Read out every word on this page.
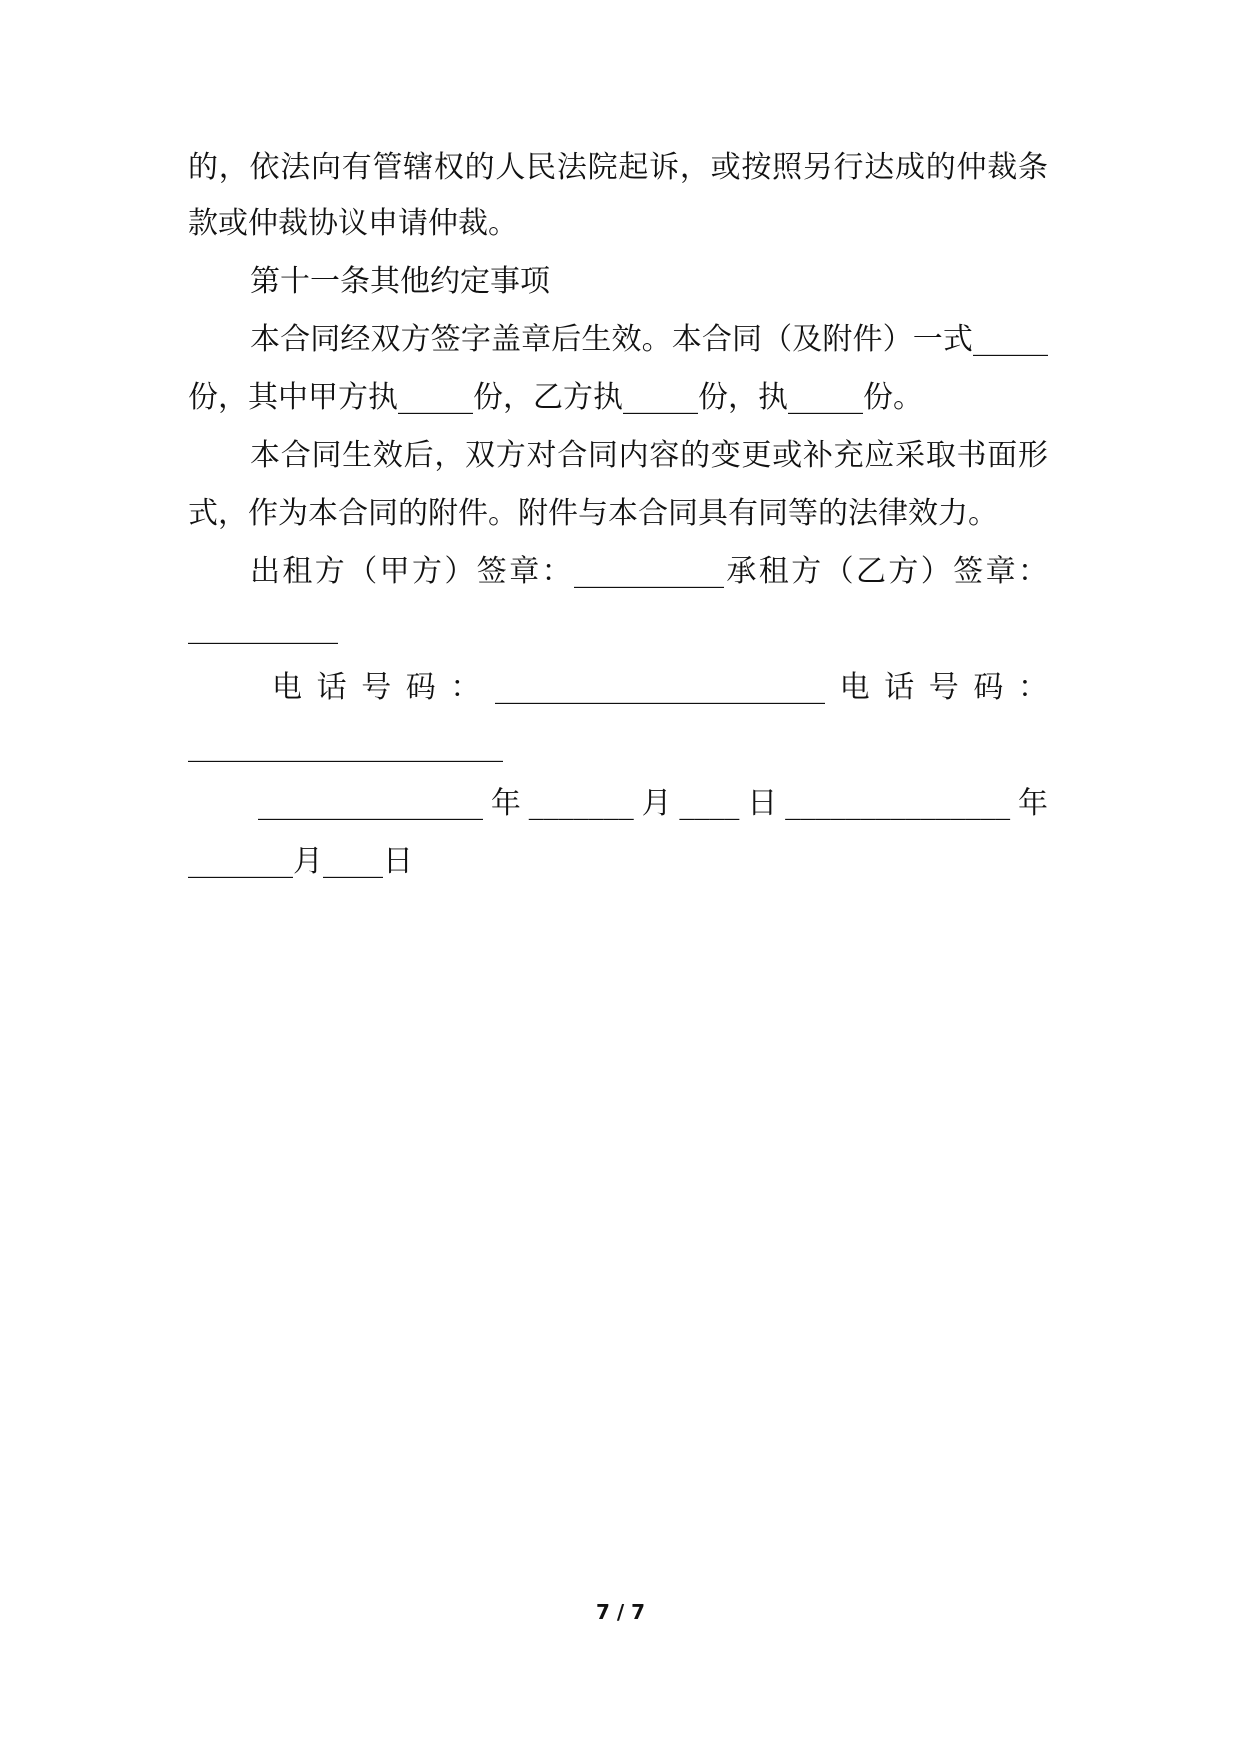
的，依法向有管辖权的人民法院起诉，或按照另行达成的仲裁条
款或仲裁协议申请仲裁。
第十一条其他约定事项
本合同经双方签字盖章后生效。本合同（及附件）一式_____
份，其中甲方执_____份，乙方执_____份，执_____份。
本合同生效后，双方对合同内容的变更或补充应采取书面形
式，作为本合同的附件。附件与本合同具有同等的法律效力。
出租方（甲方）签章：__________承租方（乙方）签章：
__________
电话号码：______________________电话号码：
_____________________
_______________年_______月____日_______________年
_______月____日
7 / 7
